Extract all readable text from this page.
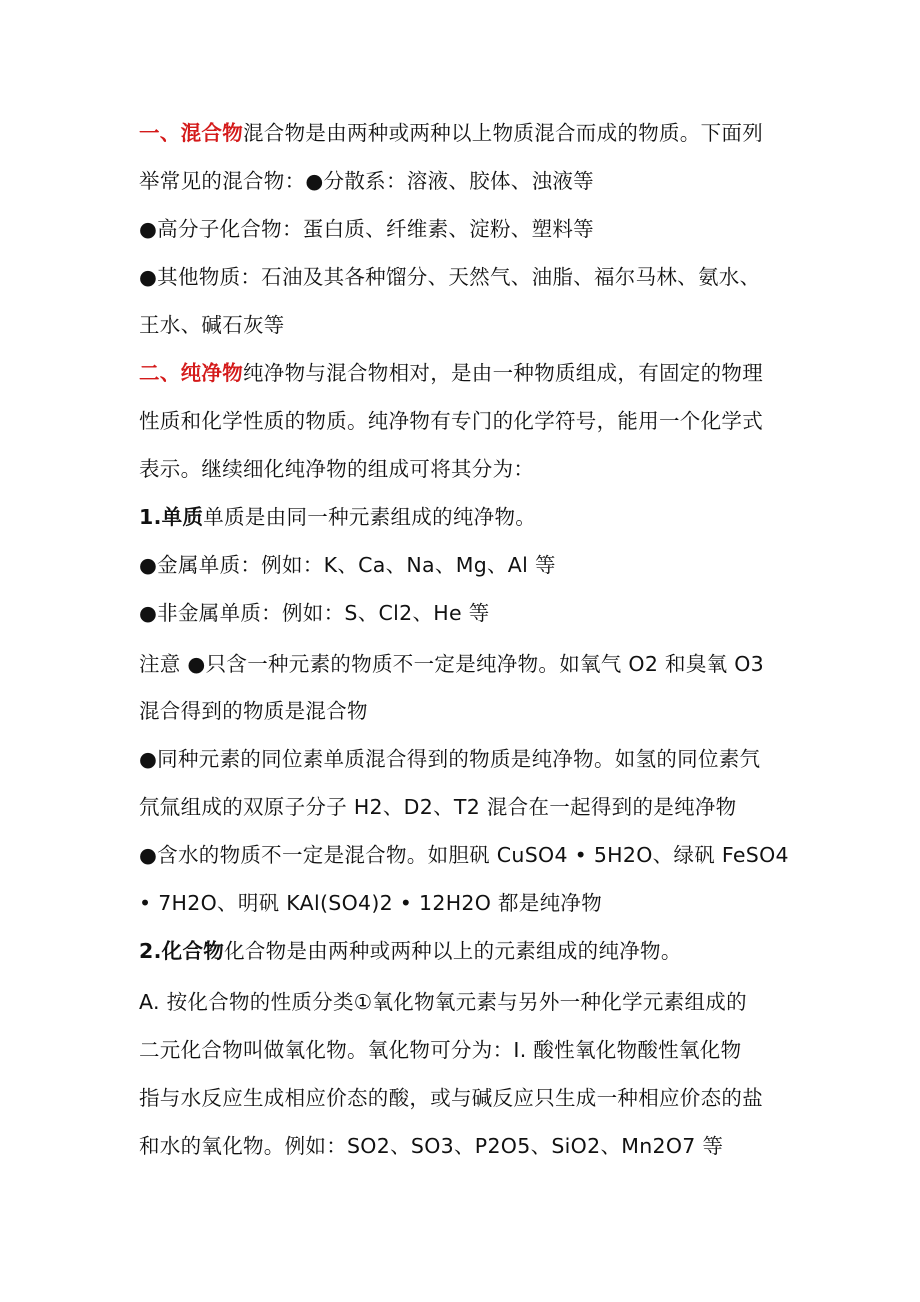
一、混合物混合物是由两种或两种以上物质混合而成的物质。下面列
举常见的混合物：●分散系：溶液、胶体、浊液等
●高分子化合物：蛋白质、纤维素、淀粉、塑料等
●其他物质：石油及其各种馏分、天然气、油脂、福尔马林、氨水、
王水、碱石灰等
二、纯净物纯净物与混合物相对，是由一种物质组成，有固定的物理
性质和化学性质的物质。纯净物有专门的化学符号，能用一个化学式
表示。继续细化纯净物的组成可将其分为：
1.单质单质是由同一种元素组成的纯净物。
●金属单质：例如：K、Ca、Na、Mg、Al 等
●非金属单质：例如：S、Cl2、He 等
注意 ●只含一种元素的物质不一定是纯净物。如氧气 O2 和臭氧 O3
混合得到的物质是混合物
●同种元素的同位素单质混合得到的物质是纯净物。如氢的同位素氕
氘氚组成的双原子分子 H2、D2、T2 混合在一起得到的是纯净物
●含水的物质不一定是混合物。如胆矾 CuSO4 • 5H2O、绿矾 FeSO4
• 7H2O、明矾 KAl(SO4)2 • 12H2O 都是纯净物
2.化合物化合物是由两种或两种以上的元素组成的纯净物。
A. 按化合物的性质分类①氧化物氧元素与另外一种化学元素组成的
二元化合物叫做氧化物。氧化物可分为：I. 酸性氧化物酸性氧化物
指与水反应生成相应价态的酸，或与碱反应只生成一种相应价态的盐
和水的氧化物。例如：SO2、SO3、P2O5、SiO2、Mn2O7 等
